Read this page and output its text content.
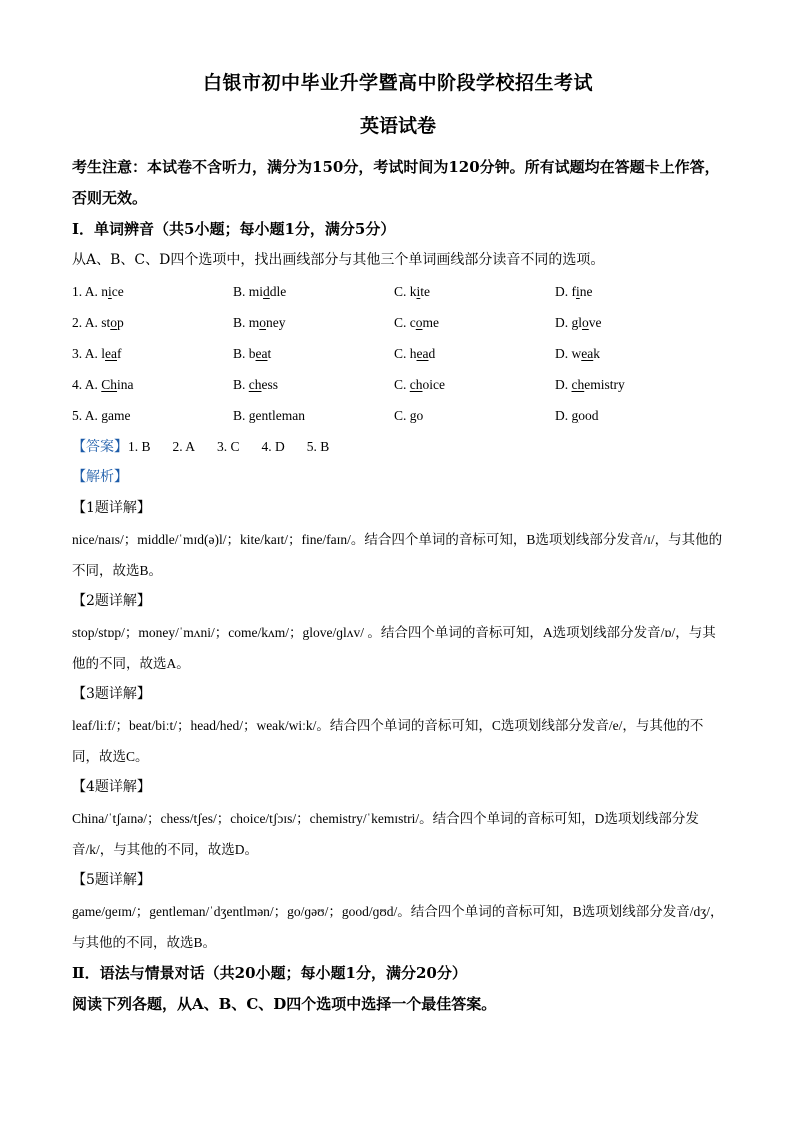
白银市初中毕业升学暨高中阶段学校招生考试
英语试卷

考生注意：本试卷不含听力，满分为150分，考试时间为120分钟。所有试题均在答题卡上作答，否则无效。

Ⅰ．单词辨音（共5小题；每小题1分，满分5分）

从A、B、C、D四个选项中，找出画线部分与其他三个单词画线部分读音不同的选项。

1. A. nice	B. middle	C. kite	D. fine
2. A. stop	B. money	C. come	D. glove
3. A. leaf	B. beat	C. head	D. weak
4. A. China	B. chess	C. choice	D. chemistry
5. A. game	B. gentleman	C. go	D. good

【答案】1. B 2. A 3. C 4. D 5. B

【解析】

【1题详解】

nice/naɪs/；middle/ˈmɪd(ə)l/；kite/kaɪt/；fine/faɪn/。结合四个单词的音标可知，B选项划线部分发音/ɪ/，与其他的不同，故选B。

【2题详解】

stop/stɒp/；money/ˈmʌni/；come/kʌm/；glove/ɡlʌv/ 。结合四个单词的音标可知，A选项划线部分发音/ɒ/，与其他的不同，故选A。

【3题详解】

leaf/liːf/；beat/biːt/；head/hed/；weak/wiːk/。结合四个单词的音标可知，C选项划线部分发音/e/，与其他的不同，故选C。

【4题详解】

China/ˈtʃaɪnə/；chess/tʃes/；choice/tʃɔɪs/；chemistry/ˈkemɪstri/。结合四个单词的音标可知，D选项划线部分发音/k/，与其他的不同，故选D。

【5题详解】

game/ɡeɪm/；gentleman/ˈdʒentlmən/；go/ɡəʊ/；good/ɡʊd/。结合四个单词的音标可知，B选项划线部分发音/dʒ/，与其他的不同，故选B。

Ⅱ．语法与情景对话（共20小题；每小题1分，满分20分）

阅读下列各题，从A、B、C、D四个选项中选择一个最佳答案。
